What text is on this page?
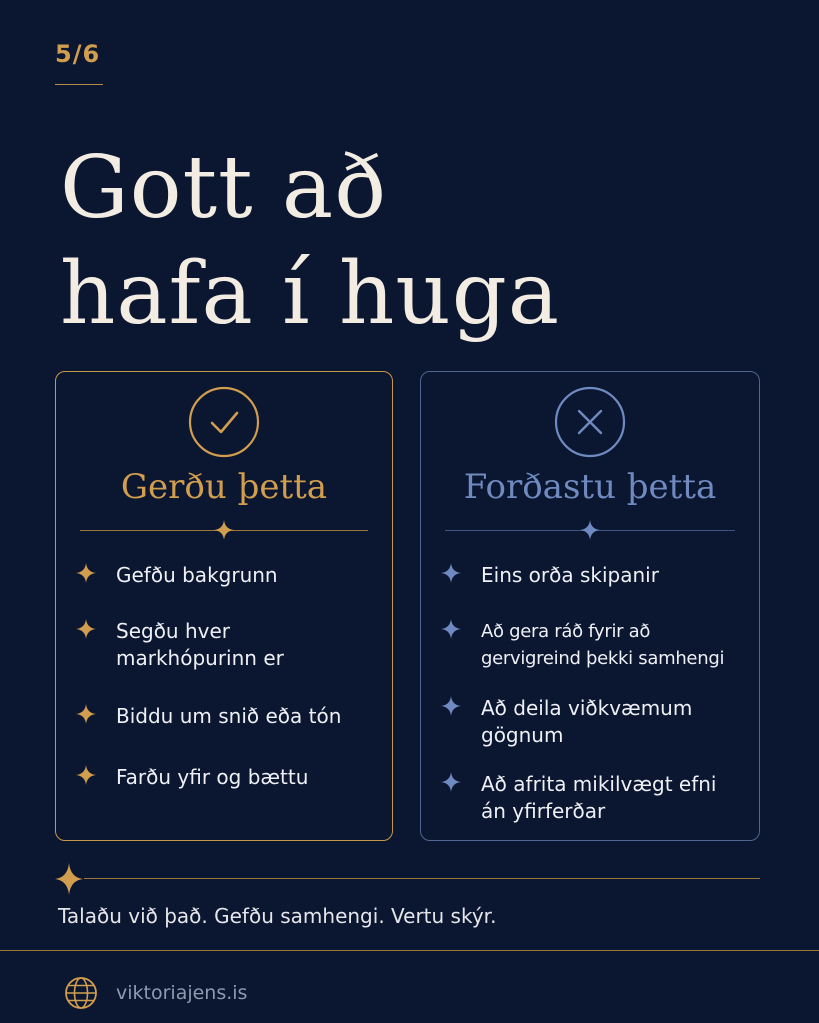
5/6
Gott að
hafa í huga
Gerðu þetta
Gefðu bakgrunn
Segðu hver markhópurinn er
Biddu um snið eða tón
Farðu yfir og bættu
Forðastu þetta
Eins orða skipanir
Að gera ráð fyrir að gervigreind þekki samhengi
Að deila viðkvæmum gögnum
Að afrita mikilvægt efni án yfirferðar
Talaðu við það. Gefðu samhengi. Vertu skýr.
viktoriajens.is
